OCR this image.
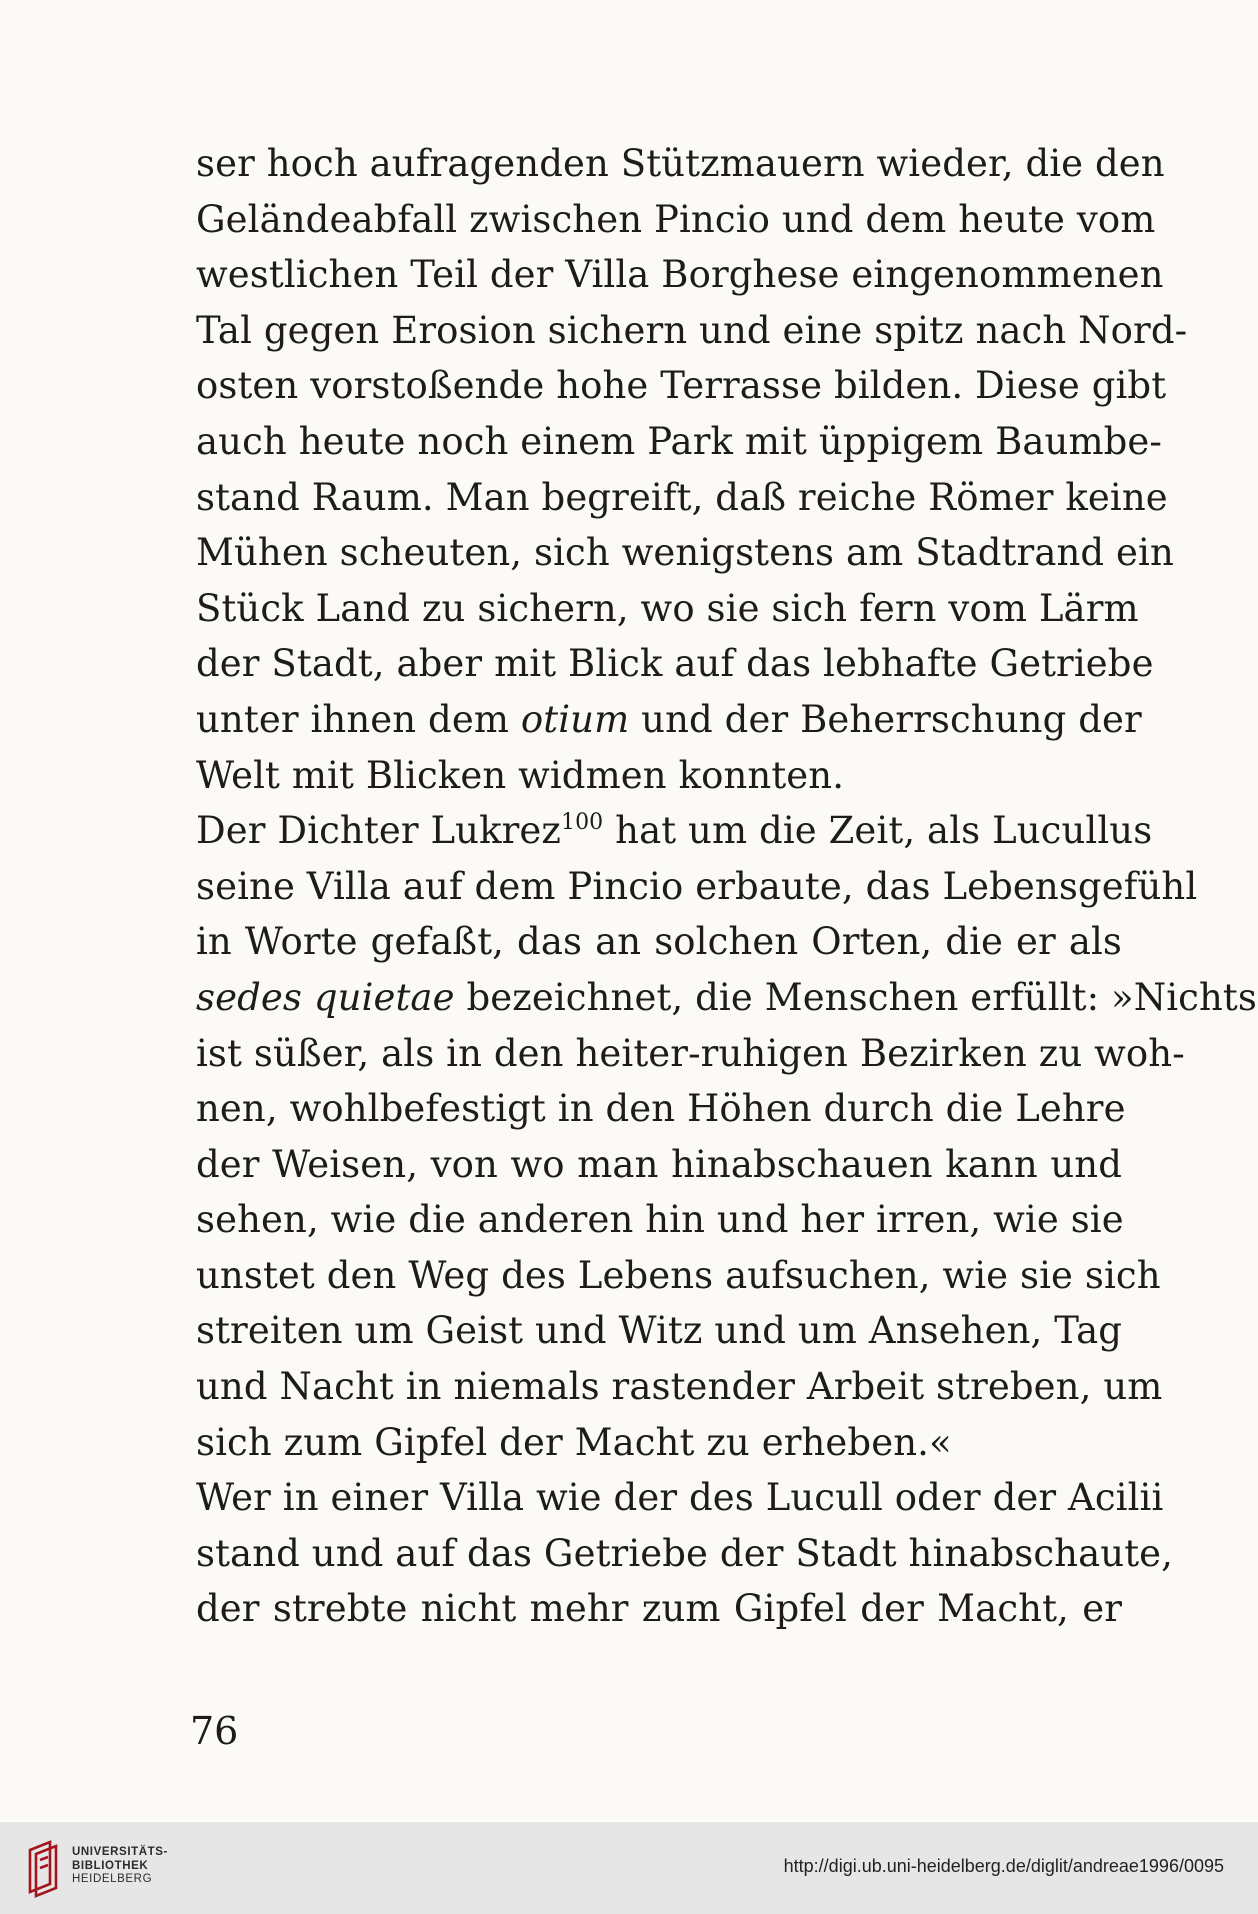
ser hoch aufragenden Stützmauern wieder, die den
Geländeabfall zwischen Pincio und dem heute vom
westlichen Teil der Villa Borghese eingenommenen
Tal gegen Erosion sichern und eine spitz nach Nord-
osten vorstoßende hohe Terrasse bilden. Diese gibt
auch heute noch einem Park mit üppigem Baumbe-
stand Raum. Man begreift, daß reiche Römer keine
Mühen scheuten, sich wenigstens am Stadtrand ein
Stück Land zu sichern, wo sie sich fern vom Lärm
der Stadt, aber mit Blick auf das lebhafte Getriebe
unter ihnen dem otium und der Beherrschung der
Welt mit Blicken widmen konnten.
Der Dichter Lukrez$^{100}$ hat um die Zeit, als Lucullus
seine Villa auf dem Pincio erbaute, das Lebensgefühl
in Worte gefaßt, das an solchen Orten, die er als
sedes quietae bezeichnet, die Menschen erfüllt: »Nichts
ist süßer, als in den heiter-ruhigen Bezirken zu woh-
nen, wohlbefestigt in den Höhen durch die Lehre
der Weisen, von wo man hinabschauen kann und
sehen, wie die anderen hin und her irren, wie sie
unstet den Weg des Lebens aufsuchen, wie sie sich
streiten um Geist und Witz und um Ansehen, Tag
und Nacht in niemals rastender Arbeit streben, um
sich zum Gipfel der Macht zu erheben.«
Wer in einer Villa wie der des Lucull oder der Acilii
stand und auf das Getriebe der Stadt hinabschaute,
der strebte nicht mehr zum Gipfel der Macht, er
76
UNIVERSITÄTS-
BIBLIOTHEK
HEIDELBERG
http://digi.ub.uni-heidelberg.de/diglit/andreae1996/0095
